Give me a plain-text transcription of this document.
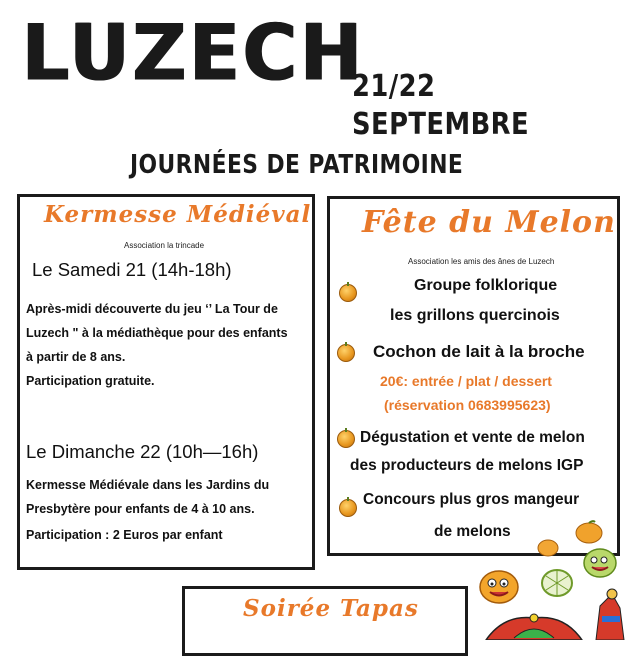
LUZECH
21/22 SEPTEMBRE
JOURNÉES DE PATRIMOINE
Kermesse Médiéval
Association la trincade
Le Samedi 21 (14h-18h)
Après-midi découverte du jeu ‘’ La Tour de
Luzech " à la médiathèque pour des enfants
à partir de 8 ans.
Participation gratuite.
Le Dimanche 22 (10h—16h)
Kermesse Médiévale dans les Jardins du
Presbytère pour enfants de 4 à 10 ans.
Participation : 2 Euros par enfant
Fête du Melon
Association les amis des ânes de Luzech
Groupe folklorique
les grillons quercinois
Cochon de lait à la broche
20€: entrée / plat / dessert
(réservation 0683995623)
Dégustation et vente de melon
des producteurs de melons IGP
Concours plus gros mangeur
de melons
Soirée Tapas
